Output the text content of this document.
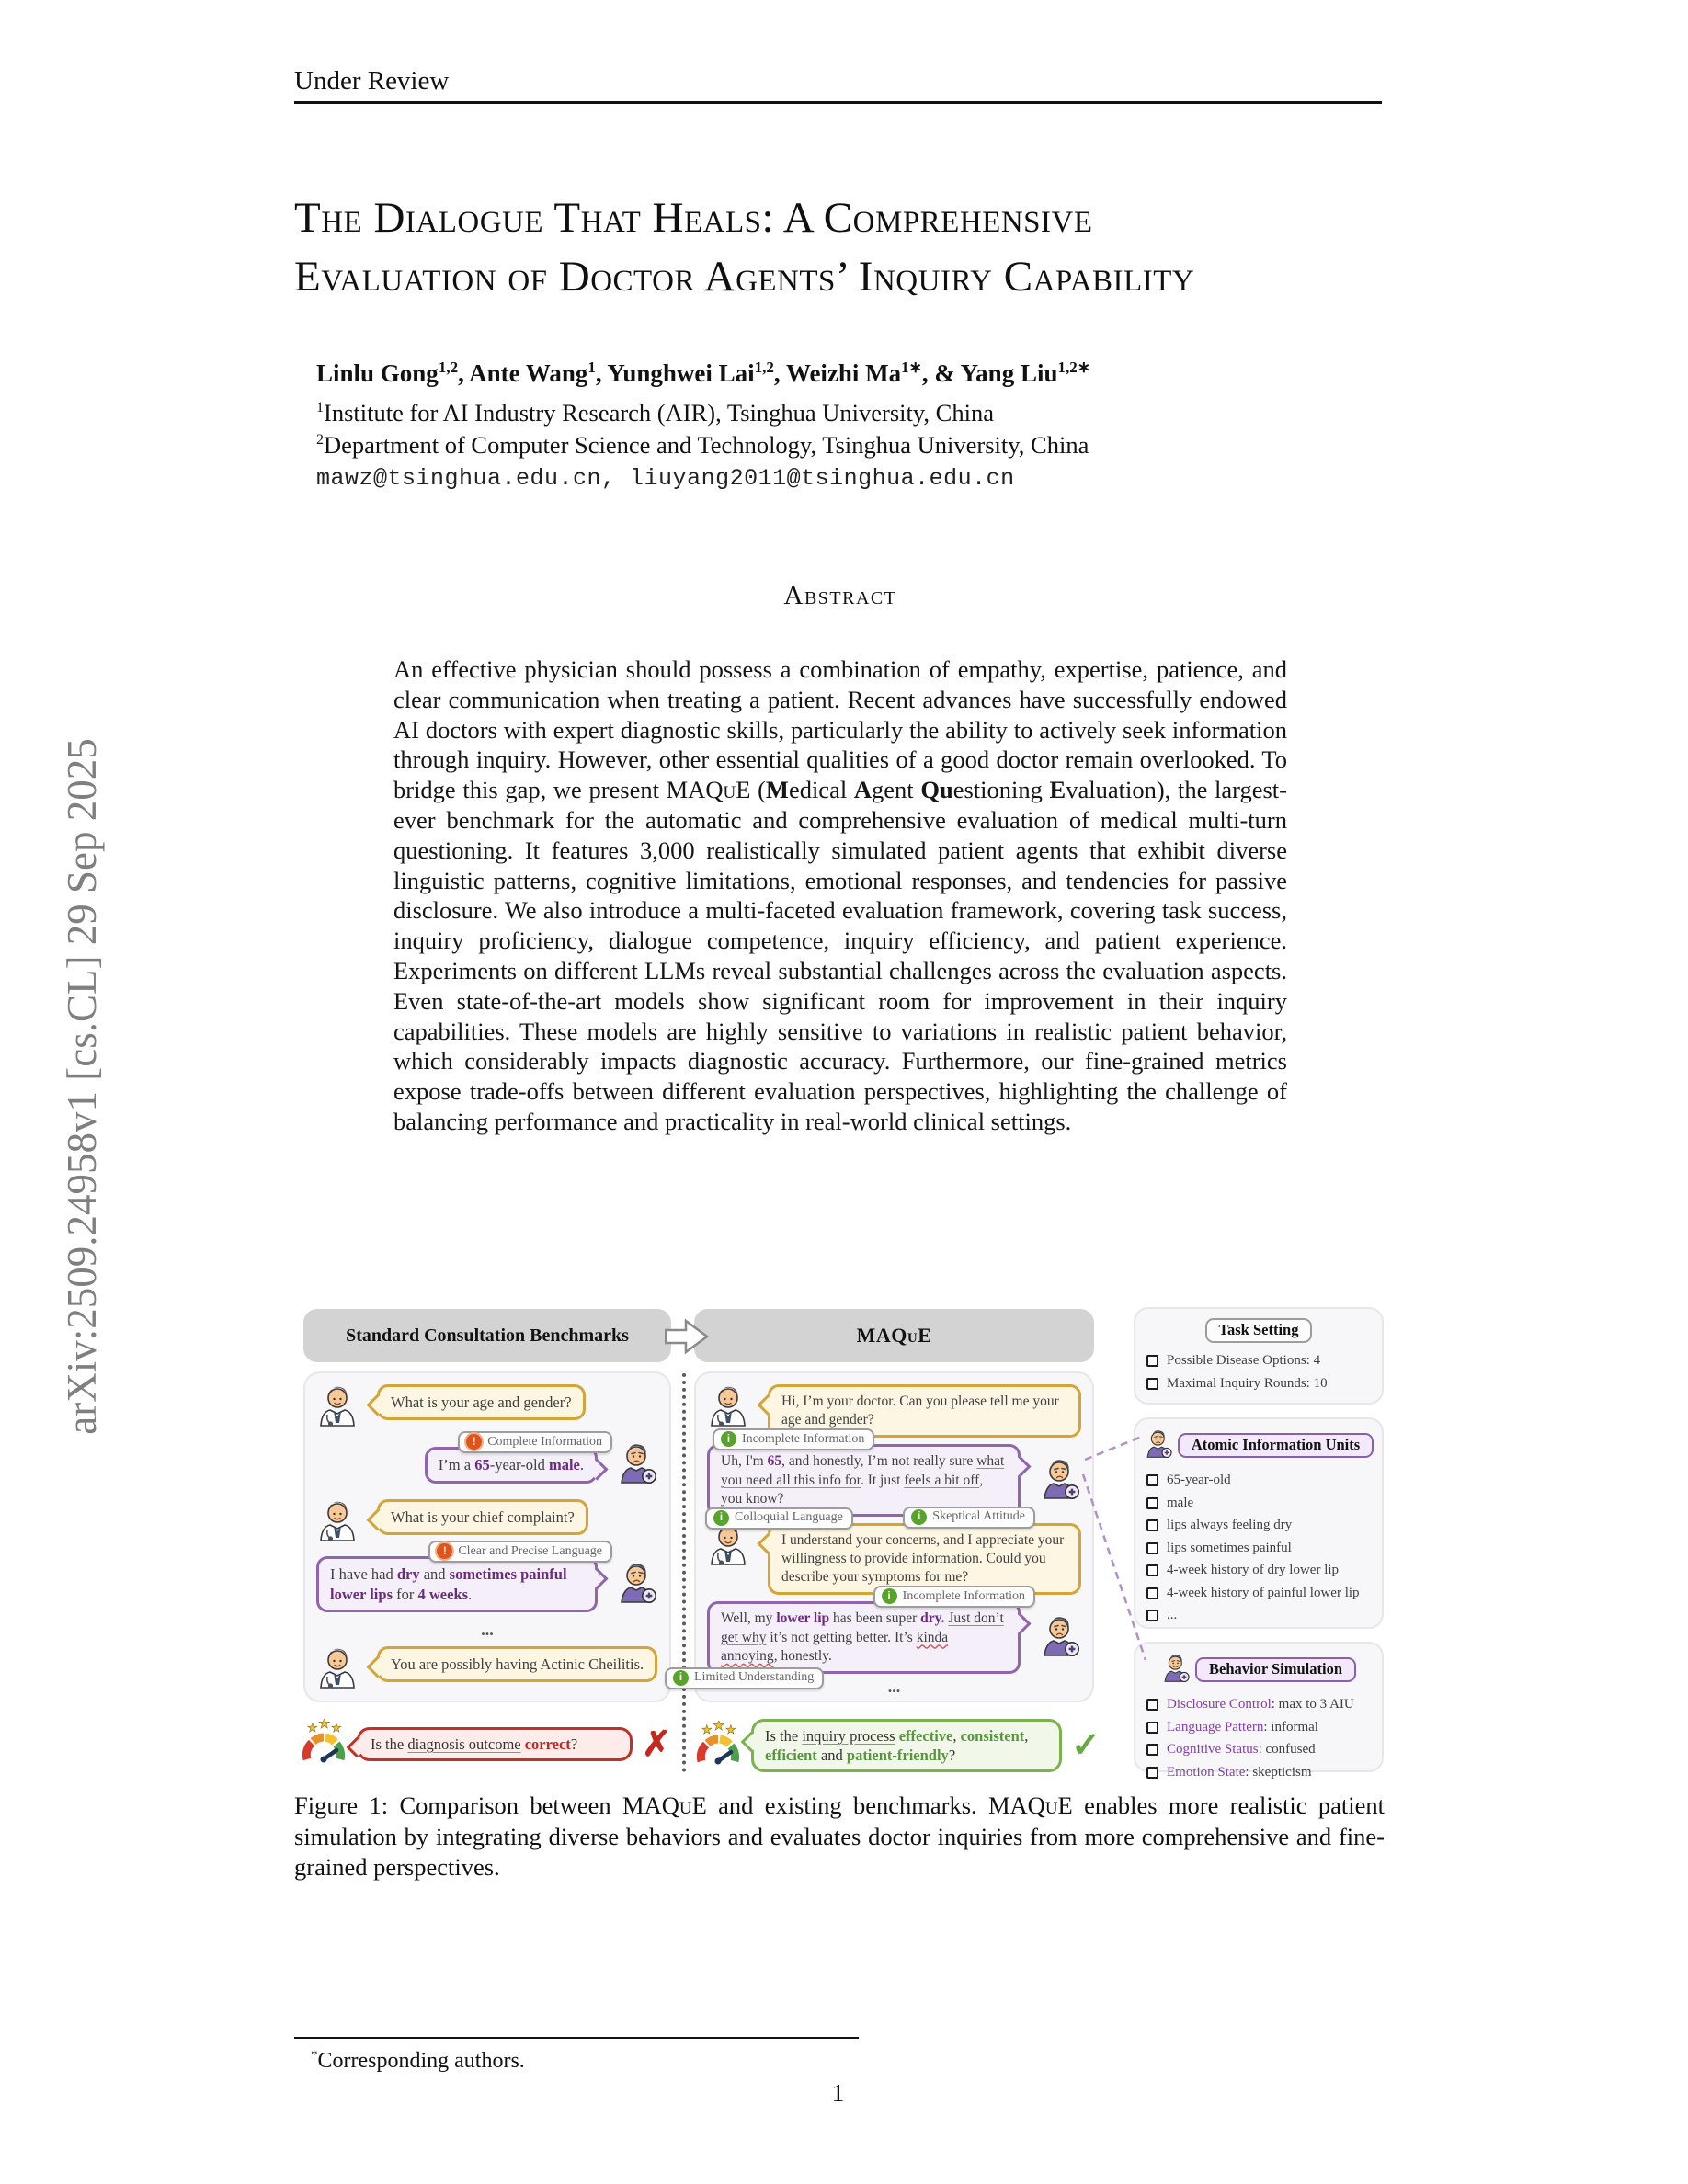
Under Review
The Dialogue That Heals: A Comprehensive
Evaluation of Doctor Agents’ Inquiry Capability
Linlu Gong$^{1,2}$, Ante Wang$^1$, Yunghwei Lai$^{1,2}$, Weizhi $Ma^{1∗}$, & Yang Liu$^{1,2∗}$
$^1$Institute for AI Industry Research (AIR), Tsinghua University, China
$^2$Department of Computer Science and Technology, Tsinghua University, China
mawz@tsinghua.edu.cn, liuyang2011@tsinghua.edu.cn
Abstract
An effective physician should possess a combination of empathy, expertise, patience, and clear communication when treating a patient. Recent advances have successfully endowed AI doctors with expert diagnostic skills, particularly the ability to actively seek information through inquiry. However, other essential qualities of a good doctor remain overlooked. To bridge this gap, we present MAQuE (Medical Agent Questioning Evaluation), the largest-ever benchmark for the automatic and comprehensive evaluation of medical multi-turn questioning. It features 3,000 realistically simulated patient agents that exhibit diverse linguistic patterns, cognitive limitations, emotional responses, and tendencies for passive disclosure. We also introduce a multi-faceted evaluation framework, covering task success, inquiry proficiency, dialogue competence, inquiry efficiency, and patient experience. Experiments on different LLMs reveal substantial challenges across the evaluation aspects. Even state-of-the-art models show significant room for improvement in their inquiry capabilities. These models are highly sensitive to variations in realistic patient behavior, which considerably impacts diagnostic accuracy. Furthermore, our fine-grained metrics expose trade-offs between different evaluation perspectives, highlighting the challenge of balancing performance and practicality in real-world clinical settings.
Standard Consultation Benchmarks	MAQuE
What is your age and gender?
I’m a 65-year-old male.
! Complete Information
What is your chief complaint?
I have had dry and sometimes painful lower lips for 4 weeks.
! Clear and Precise Language
...
You are possibly having Actinic Cheilitis.
Hi, I’m your doctor. Can you please tell me your age and gender?
Uh, I'm 65, and honestly, I’m not really sure what you need all this info for. It just feels a bit off, you know?
i Incomplete Information
i Skeptical Attitude
i Colloquial Language
I understand your concerns, and I appreciate your willingness to provide information. Could you describe your symptoms for me?
Well, my lower lip has been super dry. Just don’t get why it’s not getting better. It’s kinda annoying, honestly.
i Incomplete Information
i Limited Understanding
...
★ ★ ★
Is the diagnosis outcome correct?	✗	★ ★ ★	Is the inquiry process effective, consistent, efficient and patient-friendly?	✓
Task Setting
Possible Disease Options: 4
Maximal Inquiry Rounds: 10
Atomic Information Units
65-year-old
male
lips always feeling dry
lips sometimes painful
4-week history of dry lower lip
4-week history of painful lower lip
...
Behavior Simulation
Disclosure Control: max to 3 AIU
Language Pattern: informal
Cognitive Status: confused
Emotion State: skepticism
Figure 1: Comparison between MAQuE and existing benchmarks. MAQuE enables more realistic patient simulation by integrating diverse behaviors and evaluates doctor inquiries from more comprehensive and fine-grained perspectives.
*Corresponding authors.
1
arXiv:2509.24958v1 [cs.CL] 29 Sep 2025
